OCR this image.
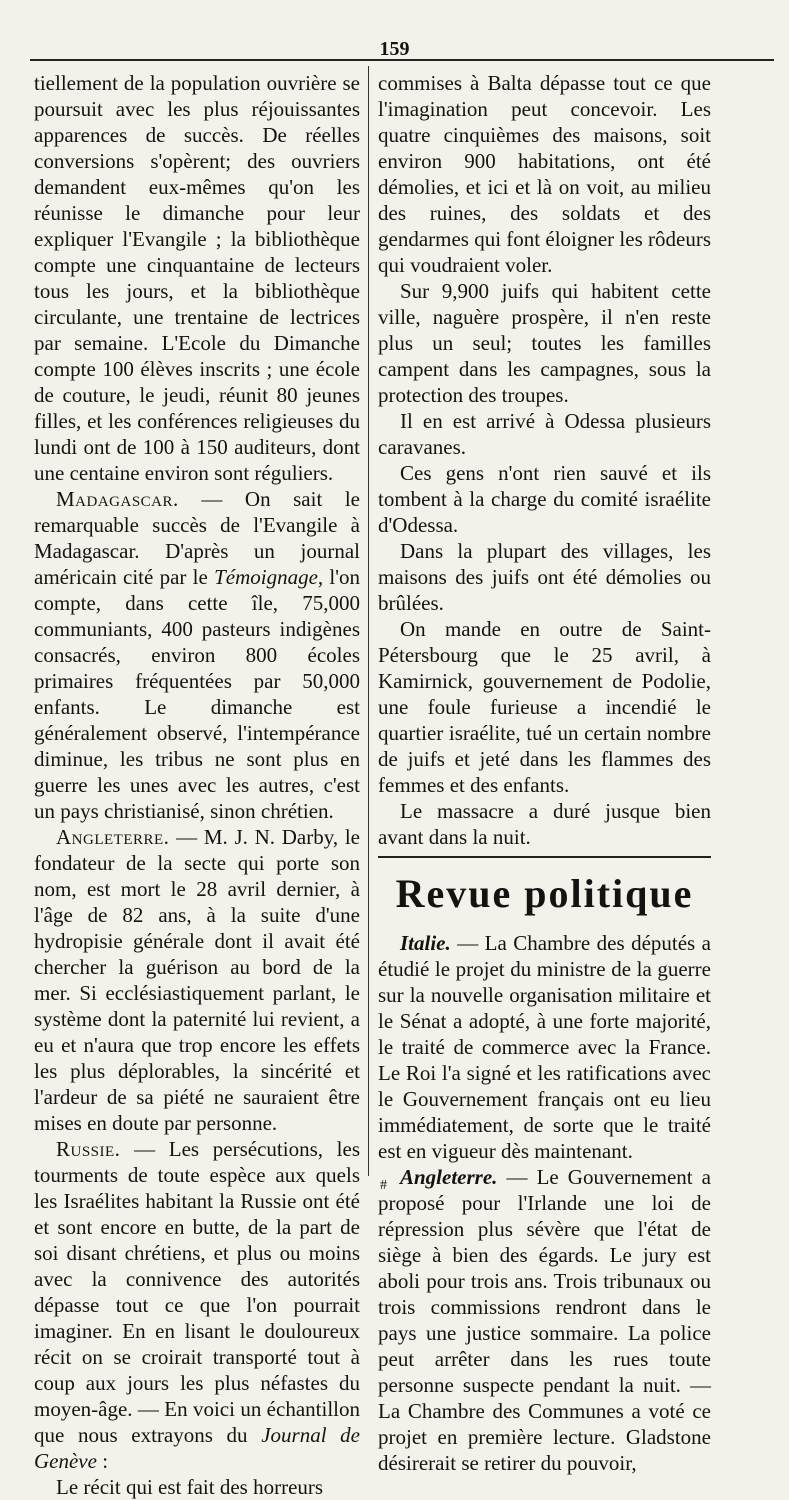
159

tiellement de la population ouvrière se poursuit avec les plus réjouissantes apparences de succès. De réelles conversions s'opèrent; des ouvriers demandent eux-mêmes qu'on les réunisse le dimanche pour leur expliquer l'Evangile ; la bibliothèque compte une cinquantaine de lecteurs tous les jours, et la bibliothèque circulante, une trentaine de lectrices par semaine. L'Ecole du Dimanche compte 100 élèves inscrits ; une école de couture, le jeudi, réunit 80 jeunes filles, et les conférences religieuses du lundi ont de 100 à 150 auditeurs, dont une centaine environ sont réguliers.

Madagascar. — On sait le remarquable succès de l'Evangile à Madagascar. D'après un journal américain cité par le Témoignage, l'on compte, dans cette île, 75,000 communiants, 400 pasteurs indigènes consacrés, environ 800 écoles primaires fréquentées par 50,000 enfants. Le dimanche est généralement observé, l'intempérance diminue, les tribus ne sont plus en guerre les unes avec les autres, c'est un pays christianisé, sinon chrétien.

Angleterre. — M. J. N. Darby, le fondateur de la secte qui porte son nom, est mort le 28 avril dernier, à l'âge de 82 ans, à la suite d'une hydropisie générale dont il avait été chercher la guérison au bord de la mer. Si ecclésiastiquement parlant, le système dont la paternité lui revient, a eu et n'aura que trop encore les effets les plus déplorables, la sincérité et l'ardeur de sa piété ne sauraient être mises en doute par personne.

Russie. — Les persécutions, les tourments de toute espèce aux quels les Israélites habitant la Russie ont été et sont encore en butte, de la part de soi disant chrétiens, et plus ou moins avec la connivence des autorités dépasse tout ce que l'on pourrait imaginer. En en lisant le douloureux récit on se croirait transporté tout à coup aux jours les plus néfastes du moyen-âge. — En voici un échantillon que nous extrayons du Journal de Genève :

Le récit qui est fait des horreurs

commises à Balta dépasse tout ce que l'imagination peut concevoir. Les quatre cinquièmes des maisons, soit environ 900 habitations, ont été démolies, et ici et là on voit, au milieu des ruines, des soldats et des gendarmes qui font éloigner les rôdeurs qui voudraient voler.

Sur 9,900 juifs qui habitent cette ville, naguère prospère, il n'en reste plus un seul; toutes les familles campent dans les campagnes, sous la protection des troupes.

Il en est arrivé à Odessa plusieurs caravanes.

Ces gens n'ont rien sauvé et ils tombent à la charge du comité israélite d'Odessa.

Dans la plupart des villages, les maisons des juifs ont été démolies ou brûlées.

On mande en outre de Saint-Pétersbourg que le 25 avril, à Kamirnick, gouvernement de Podolie, une foule furieuse a incendié le quartier israélite, tué un certain nombre de juifs et jeté dans les flammes des femmes et des enfants.

Le massacre a duré jusque bien avant dans la nuit.

Revue politique

Italie. — La Chambre des députés a étudié le projet du ministre de la guerre sur la nouvelle organisation militaire et le Sénat a adopté, à une forte majorité, le traité de commerce avec la France. Le Roi l'a signé et les ratifications avec le Gouvernement français ont eu lieu immédiatement, de sorte que le traité est en vigueur dès maintenant.

Angleterre. — Le Gouvernement a proposé pour l'Irlande une loi de répression plus sévère que l'état de siège à bien des égards. Le jury est aboli pour trois ans. Trois tribunaux ou trois commissions rendront dans le pays une justice sommaire. La police peut arrêter dans les rues toute personne suspecte pendant la nuit. — La Chambre des Communes a voté ce projet en première lecture. Gladstone désirerait se retirer du pouvoir,

#
